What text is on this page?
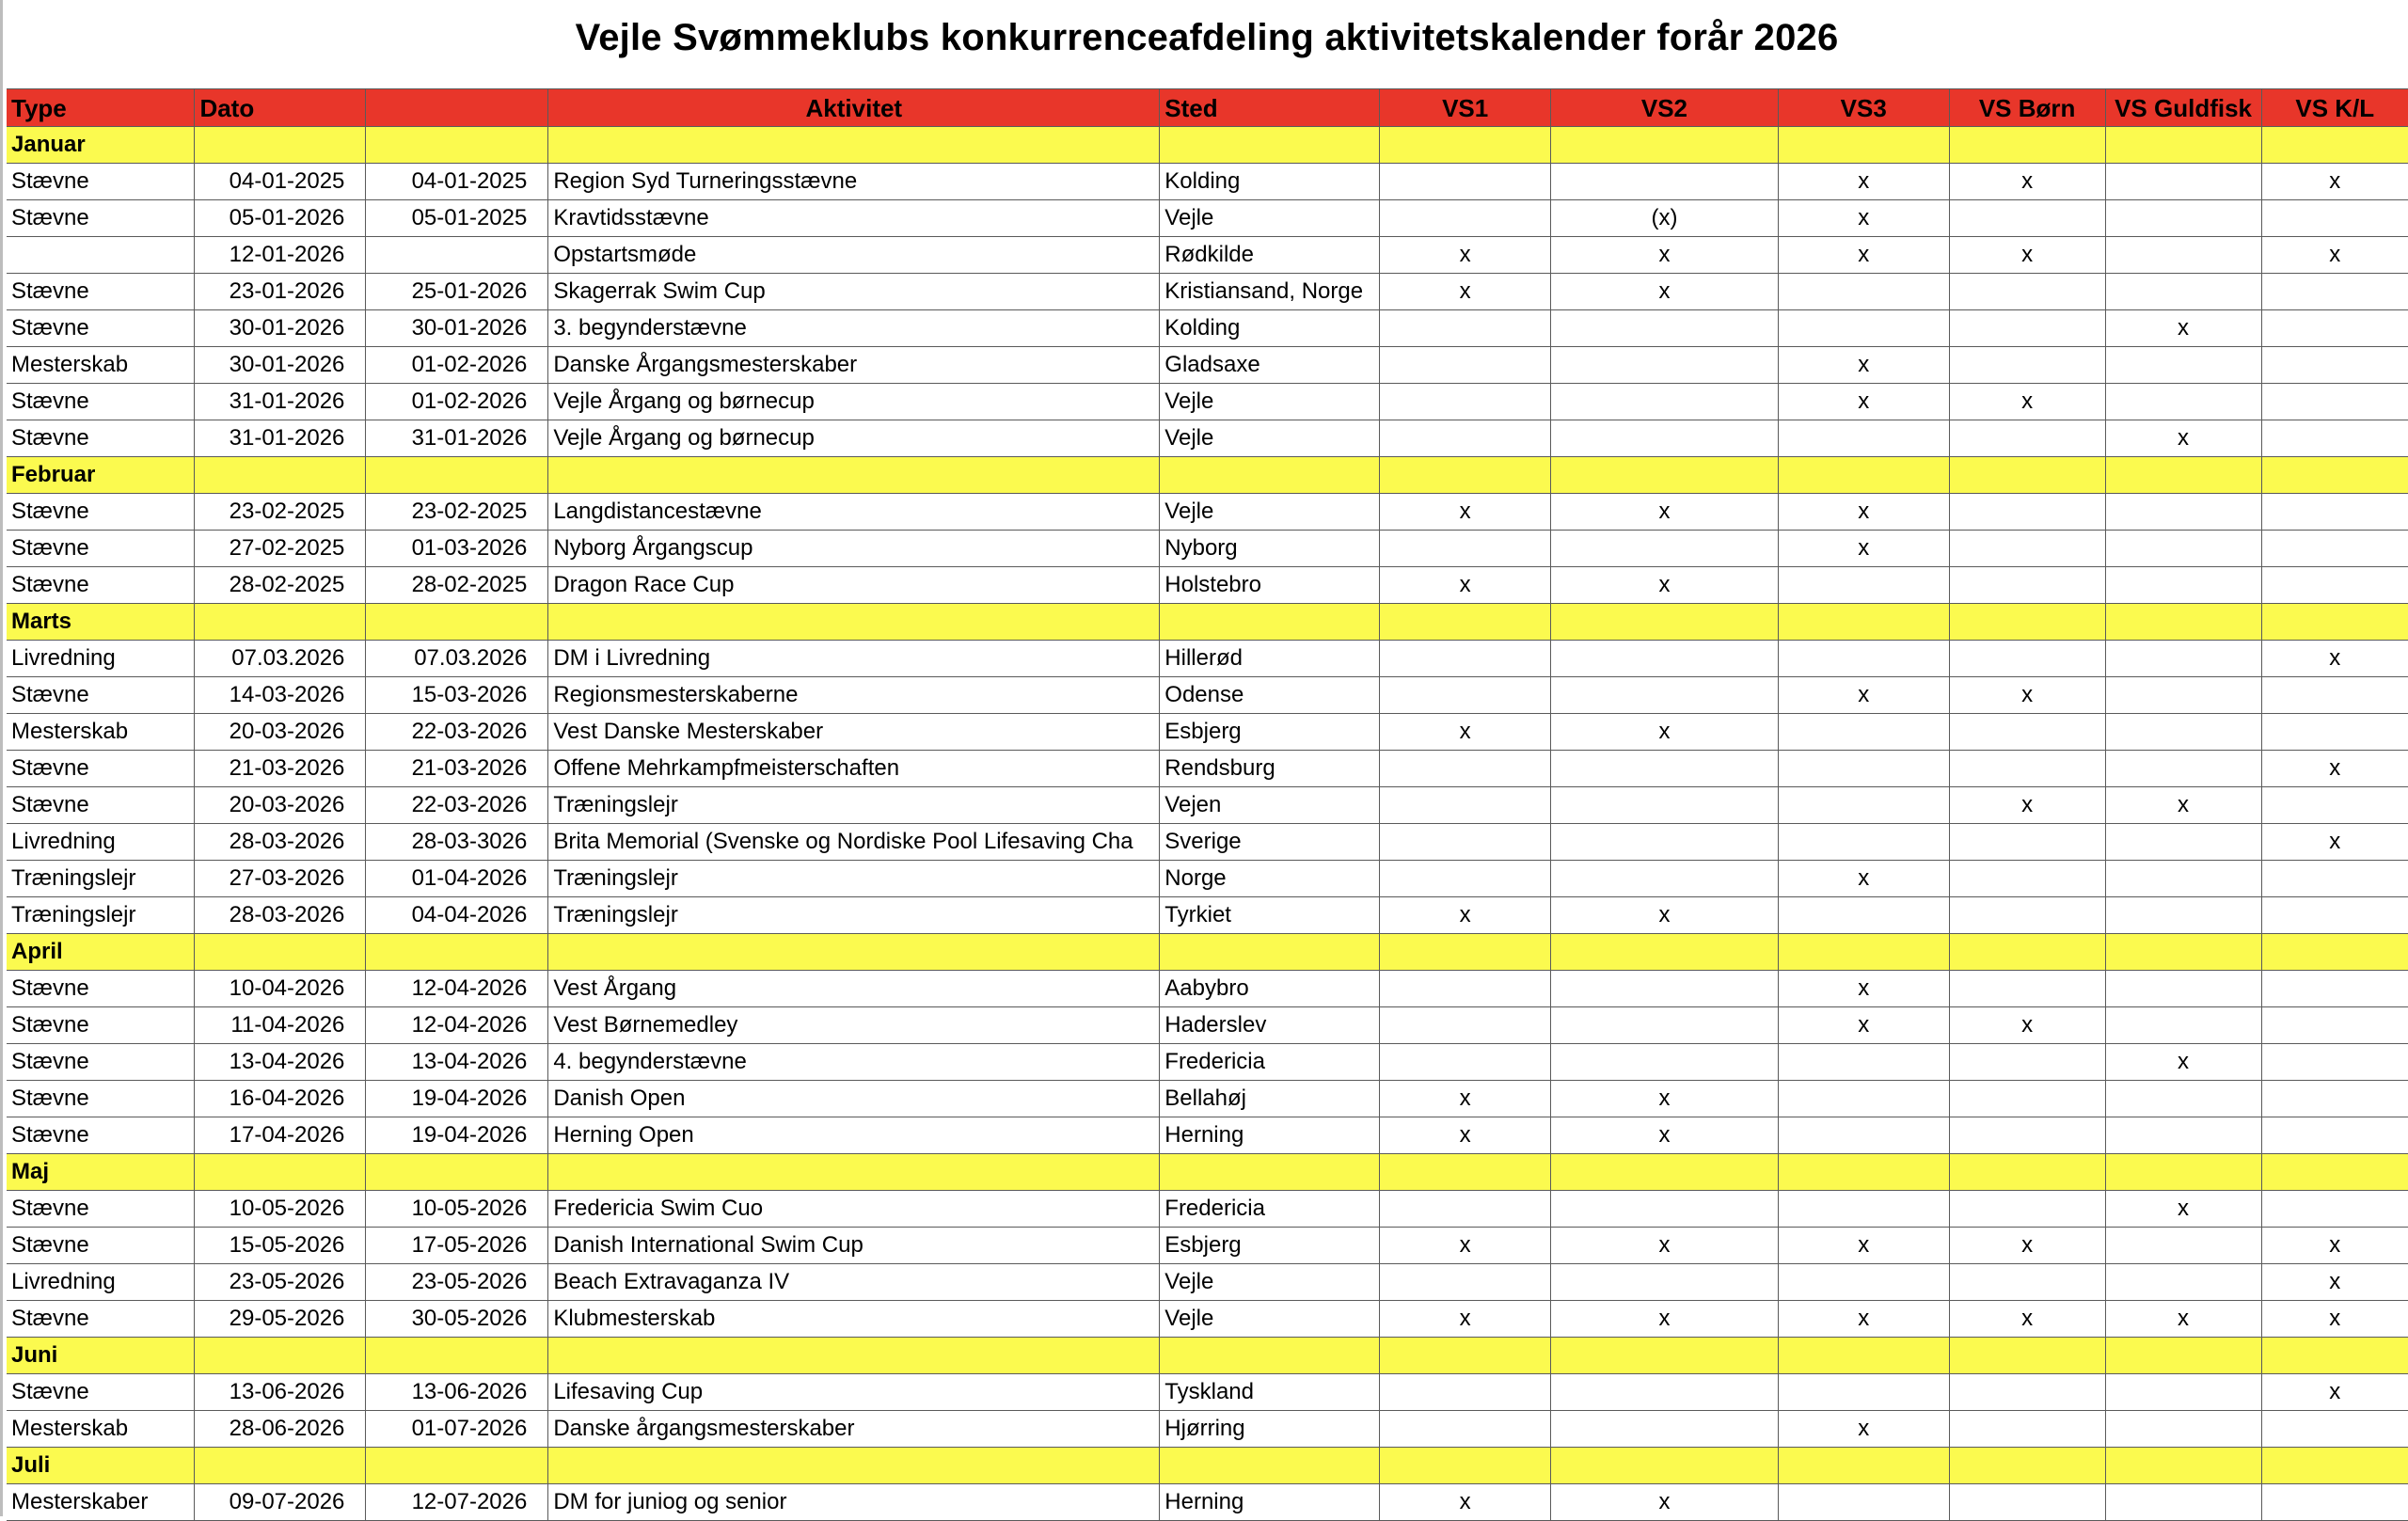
Vejle Svømmeklubs konkurrenceafdeling aktivitetskalender forår 2026
Type	Dato		Aktivitet	Sted	VS1	VS2	VS3	VS Børn	VS Guldfisk	VS K/L
Januar										
Stævne	04-01-2025	04-01-2025	Region Syd Turneringsstævne	Kolding			x	x		x
Stævne	05-01-2026	05-01-2025	Kravtidsstævne	Vejle		(x)	x			
	12-01-2026		Opstartsmøde	Rødkilde	x	x	x	x		x
Stævne	23-01-2026	25-01-2026	Skagerrak Swim Cup	Kristiansand, Norge	x	x				
Stævne	30-01-2026	30-01-2026	3. begynderstævne	Kolding					x	
Mesterskab	30-01-2026	01-02-2026	Danske Årgangsmesterskaber	Gladsaxe			x			
Stævne	31-01-2026	01-02-2026	Vejle Årgang og børnecup	Vejle			x	x		
Stævne	31-01-2026	31-01-2026	Vejle Årgang og børnecup	Vejle					x	
Februar										
Stævne	23-02-2025	23-02-2025	Langdistancestævne	Vejle	x	x	x			
Stævne	27-02-2025	01-03-2026	Nyborg Årgangscup	Nyborg			x			
Stævne	28-02-2025	28-02-2025	Dragon Race Cup	Holstebro	x	x				
Marts										
Livredning	07.03.2026	07.03.2026	DM i Livredning	Hillerød						x
Stævne	14-03-2026	15-03-2026	Regionsmesterskaberne	Odense			x	x		
Mesterskab	20-03-2026	22-03-2026	Vest Danske Mesterskaber	Esbjerg	x	x				
Stævne	21-03-2026	21-03-2026	Offene Mehrkampfmeisterschaften	Rendsburg						x
Stævne	20-03-2026	22-03-2026	Træningslejr	Vejen				x	x	
Livredning	28-03-2026	28-03-3026	Brita Memorial (Svenske og Nordiske Pool Lifesaving Cha	Sverige						x
Træningslejr	27-03-2026	01-04-2026	Træningslejr	Norge			x			
Træningslejr	28-03-2026	04-04-2026	Træningslejr	Tyrkiet	x	x				
April										
Stævne	10-04-2026	12-04-2026	Vest Årgang	Aabybro			x			
Stævne	11-04-2026	12-04-2026	Vest Børnemedley	Haderslev			x	x		
Stævne	13-04-2026	13-04-2026	4. begynderstævne	Fredericia					x	
Stævne	16-04-2026	19-04-2026	Danish Open	Bellahøj	x	x				
Stævne	17-04-2026	19-04-2026	Herning Open	Herning	x	x				
Maj										
Stævne	10-05-2026	10-05-2026	Fredericia Swim Cuo	Fredericia					x	
Stævne	15-05-2026	17-05-2026	Danish International Swim Cup	Esbjerg	x	x	x	x		x
Livredning	23-05-2026	23-05-2026	Beach Extravaganza IV	Vejle						x
Stævne	29-05-2026	30-05-2026	Klubmesterskab	Vejle	x	x	x	x	x	x
Juni										
Stævne	13-06-2026	13-06-2026	Lifesaving Cup	Tyskland						x
Mesterskab	28-06-2026	01-07-2026	Danske årgangsmesterskaber	Hjørring			x			
Juli										
Mesterskaber	09-07-2026	12-07-2026	DM for juniog og senior	Herning	x	x				
